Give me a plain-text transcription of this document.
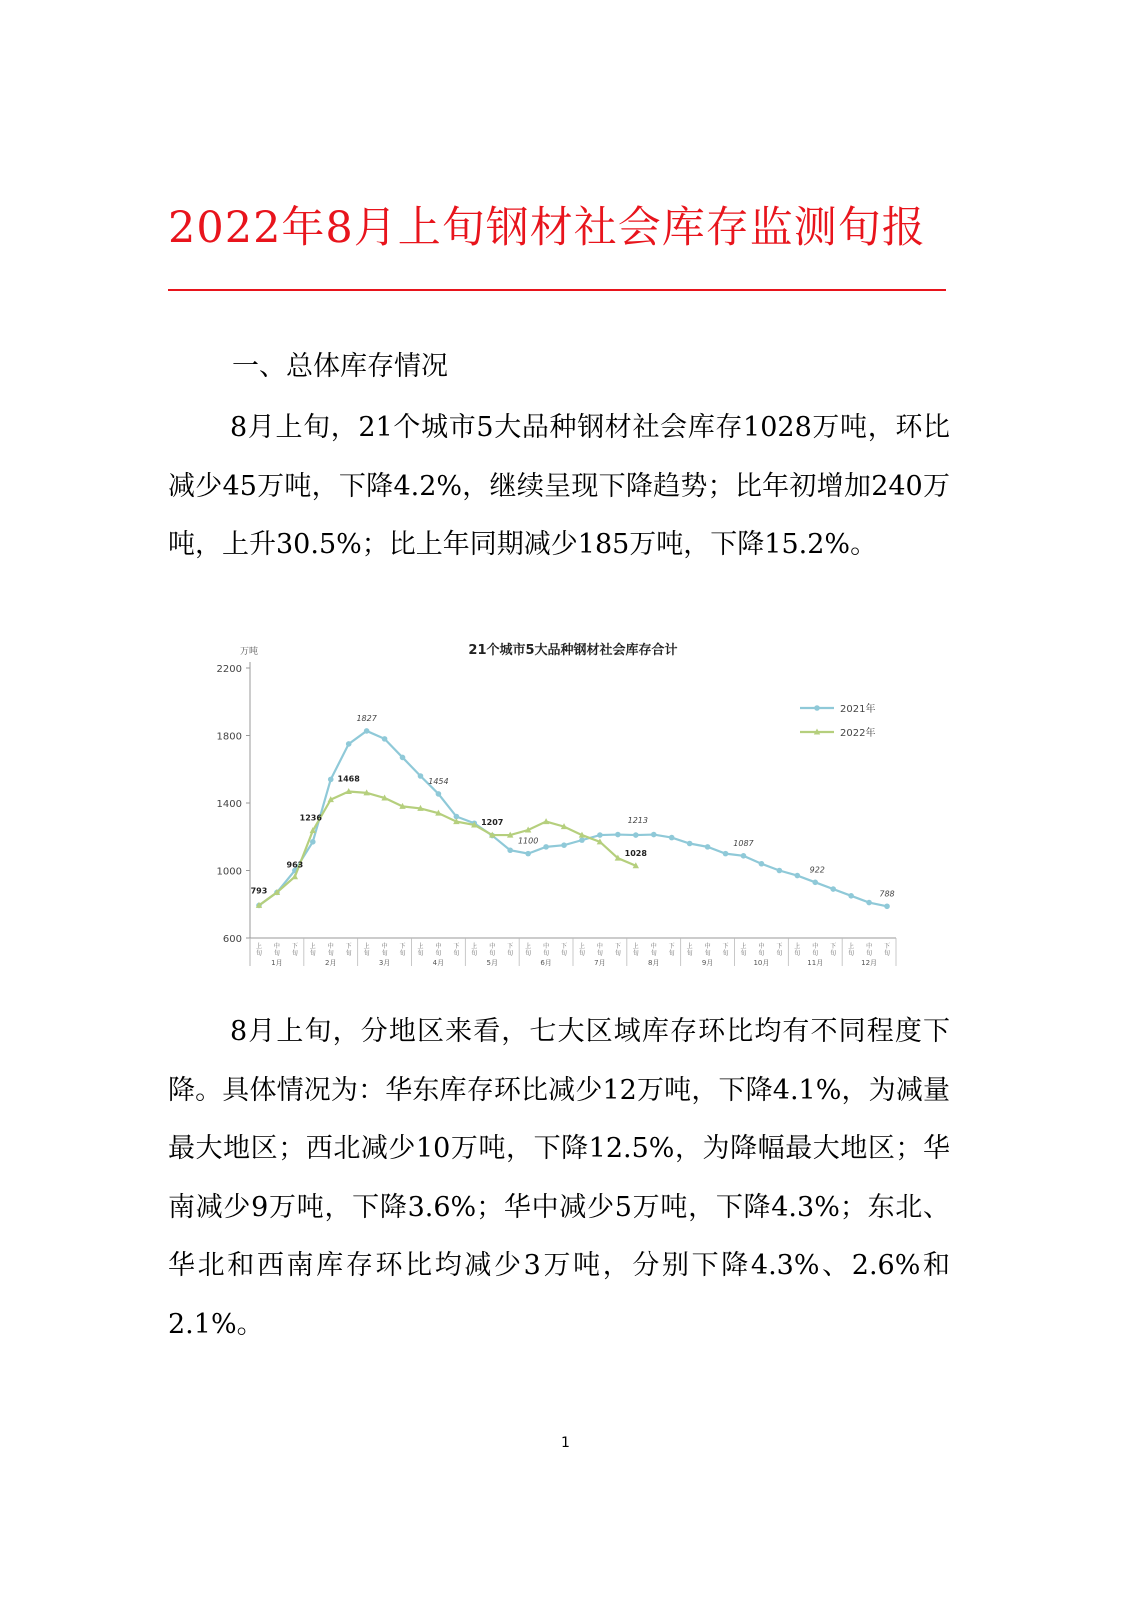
2022年8月上旬钢材社会库存监测旬报
一、总体库存情况

8月上旬，21个城市5大品种钢材社会库存1028万吨，环比减少45万吨，下降4.2%，继续呈现下降趋势；比年初增加240万吨，上升30.5%；比上年同期减少185万吨，下降15.2%。

21个城市5大品种钢材社会库存合计
万吨
600
1000
1400
1800
2200
上旬
中旬
下旬
上旬
中旬
下旬
上旬
中旬
下旬
上旬
中旬
下旬
上旬
中旬
下旬
上旬
中旬
下旬
上旬
中旬
下旬
上旬
中旬
下旬
上旬
中旬
下旬
上旬
中旬
下旬
上旬
中旬
下旬
上旬
中旬
下旬
1月	2月	3月	4月	5月	6月	7月	8月	9月	10月	11月	12月
793
963
1236
1468
1207
1028
1827
1454
1100
1213
1087
922
788
2021年
2022年

8月上旬，分地区来看，七大区域库存环比均有不同程度下降。具体情况为：华东库存环比减少12万吨，下降4.1%，为减量最大地区；西北减少10万吨，下降12.5%，为降幅最大地区；华南减少9万吨，下降3.6%；华中减少5万吨，下降4.3%；东北、华北和西南库存环比均减少3万吨，分别下降4.3%、2.6%和2.1%。

1
